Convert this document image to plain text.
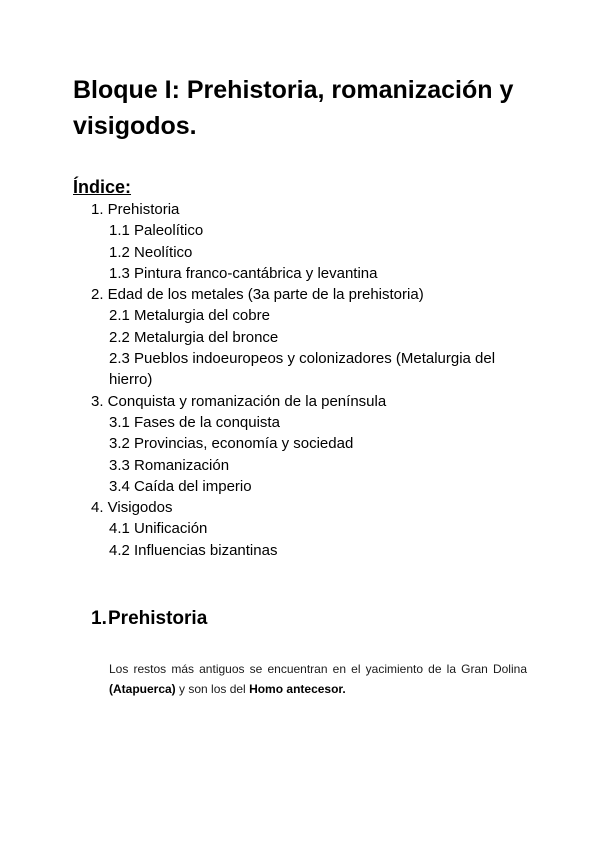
Bloque I: Prehistoria, romanización y visigodos.
Índice:
1. Prehistoria
1.1 Paleolítico
1.2 Neolítico
1.3 Pintura franco-cantábrica y levantina
2. Edad de los metales (3a parte de la prehistoria)
2.1 Metalurgia del cobre
2.2 Metalurgia del bronce
2.3 Pueblos indoeuropeos y colonizadores (Metalurgia del hierro)
3. Conquista y romanización de la península
3.1 Fases de la conquista
3.2 Provincias, economía y sociedad
3.3 Romanización
3.4 Caída del imperio
4. Visigodos
4.1 Unificación
4.2 Influencias bizantinas
1.Prehistoria

Los restos más antiguos se encuentran en el yacimiento de la Gran Dolina (Atapuerca) y son los del Homo antecesor.
